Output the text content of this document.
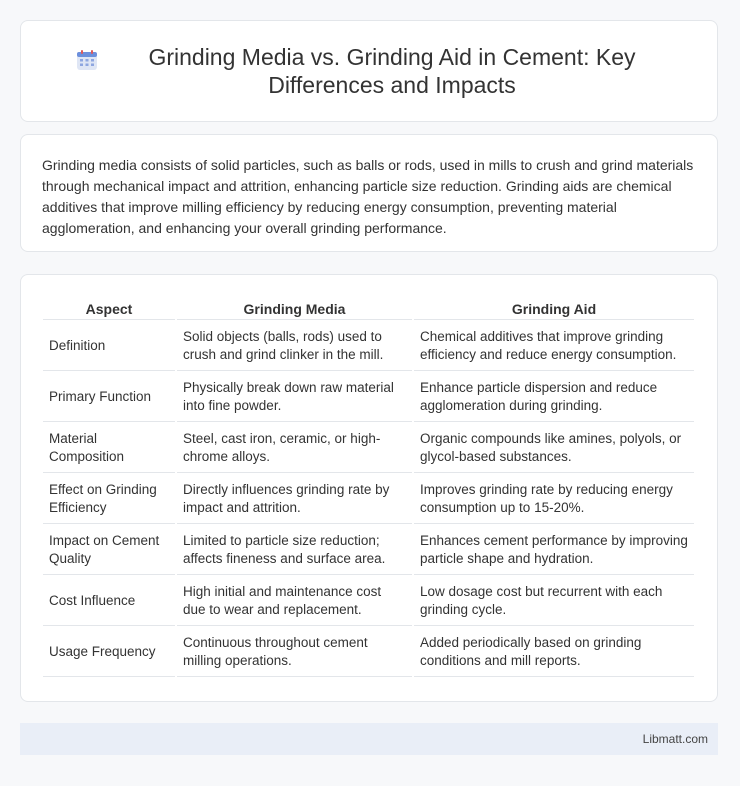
Grinding Media vs. Grinding Aid in Cement: Key Differences and Impacts

Grinding media consists of solid particles, such as balls or rods, used in mills to crush and grind materials through mechanical impact and attrition, enhancing particle size reduction. Grinding aids are chemical additives that improve milling efficiency by reducing energy consumption, preventing material agglomeration, and enhancing your overall grinding performance.

Aspect	Grinding Media	Grinding Aid
Definition	Solid objects (balls, rods) used to crush and grind clinker in the mill.	Chemical additives that improve grinding efficiency and reduce energy consumption.
Primary Function	Physically break down raw material into fine powder.	Enhance particle dispersion and reduce agglomeration during grinding.
Material Composition	Steel, cast iron, ceramic, or high-chrome alloys.	Organic compounds like amines, polyols, or glycol-based substances.
Effect on Grinding Efficiency	Directly influences grinding rate by impact and attrition.	Improves grinding rate by reducing energy consumption up to 15-20%.
Impact on Cement Quality	Limited to particle size reduction; affects fineness and surface area.	Enhances cement performance by improving particle shape and hydration.
Cost Influence	High initial and maintenance cost due to wear and replacement.	Low dosage cost but recurrent with each grinding cycle.
Usage Frequency	Continuous throughout cement milling operations.	Added periodically based on grinding conditions and mill reports.
Libmatt.com
